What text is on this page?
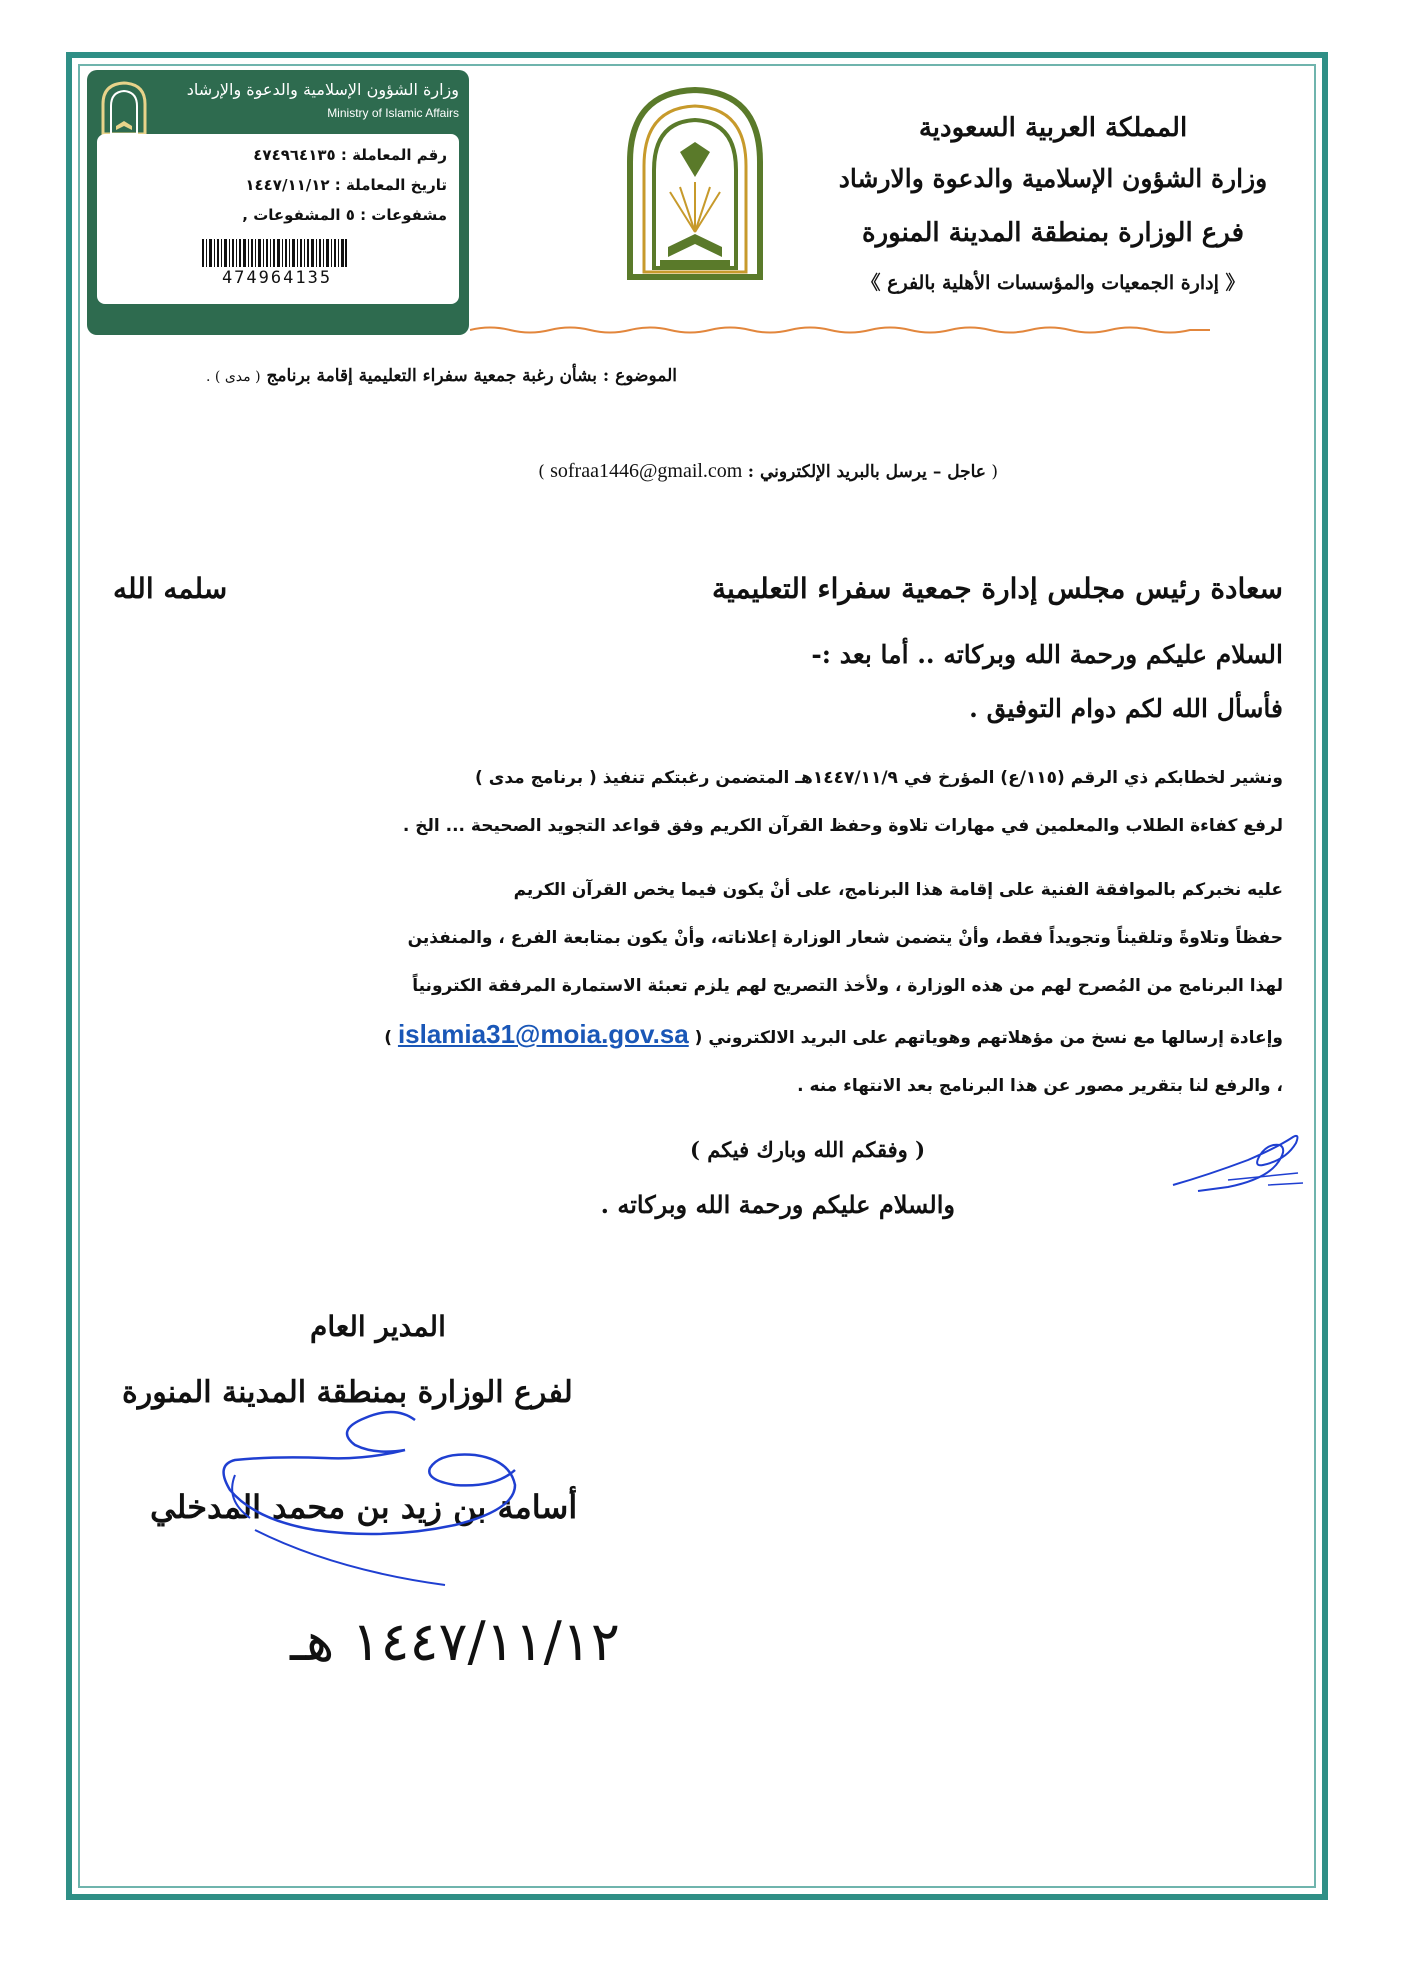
المملكة العربية السعودية
وزارة الشؤون الإسلامية والدعوة والارشاد
فرع الوزارة بمنطقة المدينة المنورة
《 إدارة الجمعيات والمؤسسات الأهلية بالفرع 》
وزارة الشؤون الإسلامية والدعوة والإرشاد
Ministry of Islamic Affairs
رقم المعاملة : ٤٧٤٩٦٤١٣٥
تاريخ المعاملة : ١٤٤٧/١١/١٢
مشفوعات : ٥ المشفوعات ,
474964135
الموضوع : بشأن رغبة جمعية سفراء التعليمية إقامة برنامج ( مدى ) .
( عاجل – يرسل بالبريد الإلكتروني : sofraa1446@gmail.com )
سعادة رئيس مجلس إدارة جمعية سفراء التعليمية
سلمه الله
السلام عليكم ورحمة الله وبركاته .. أما بعد :-
فأسأل الله لكم دوام التوفيق .
ونشير لخطابكم ذي الرقم (١١٥/ع) المؤرخ في ١٤٤٧/١١/٩هـ المتضمن رغبتكم تنفيذ ( برنامج مدى )
لرفع كفاءة الطلاب والمعلمين في مهارات تلاوة وحفظ القرآن الكريم وفق قواعد التجويد الصحيحة ... الخ .
عليه نخبركم بالموافقة الفنية على إقامة هذا البرنامج، على أنْ يكون فيما يخص القرآن الكريم
حفظاً وتلاوةً وتلقيناً وتجويداً فقط، وأنْ يتضمن شعار الوزارة إعلاناته، وأنْ يكون بمتابعة الفرع ، والمنفذين
لهذا البرنامج من المُصرح لهم من هذه الوزارة ، ولأخذ التصريح لهم يلزم تعبئة الاستمارة المرفقة الكترونياً
وإعادة إرسالها مع نسخ من مؤهلاتهم وهوياتهم على البريد الالكتروني ( islamia31@moia.gov.sa )
، والرفع لنا بتقرير مصور عن هذا البرنامج بعد الانتهاء منه .
( وفقكم الله وبارك فيكم )
والسلام عليكم ورحمة الله وبركاته .
المدير العام
لفرع الوزارة بمنطقة المدينة المنورة
أسامة بن زيد بن محمد المدخلي
١٤٤٧/١١/١٢ هـ
